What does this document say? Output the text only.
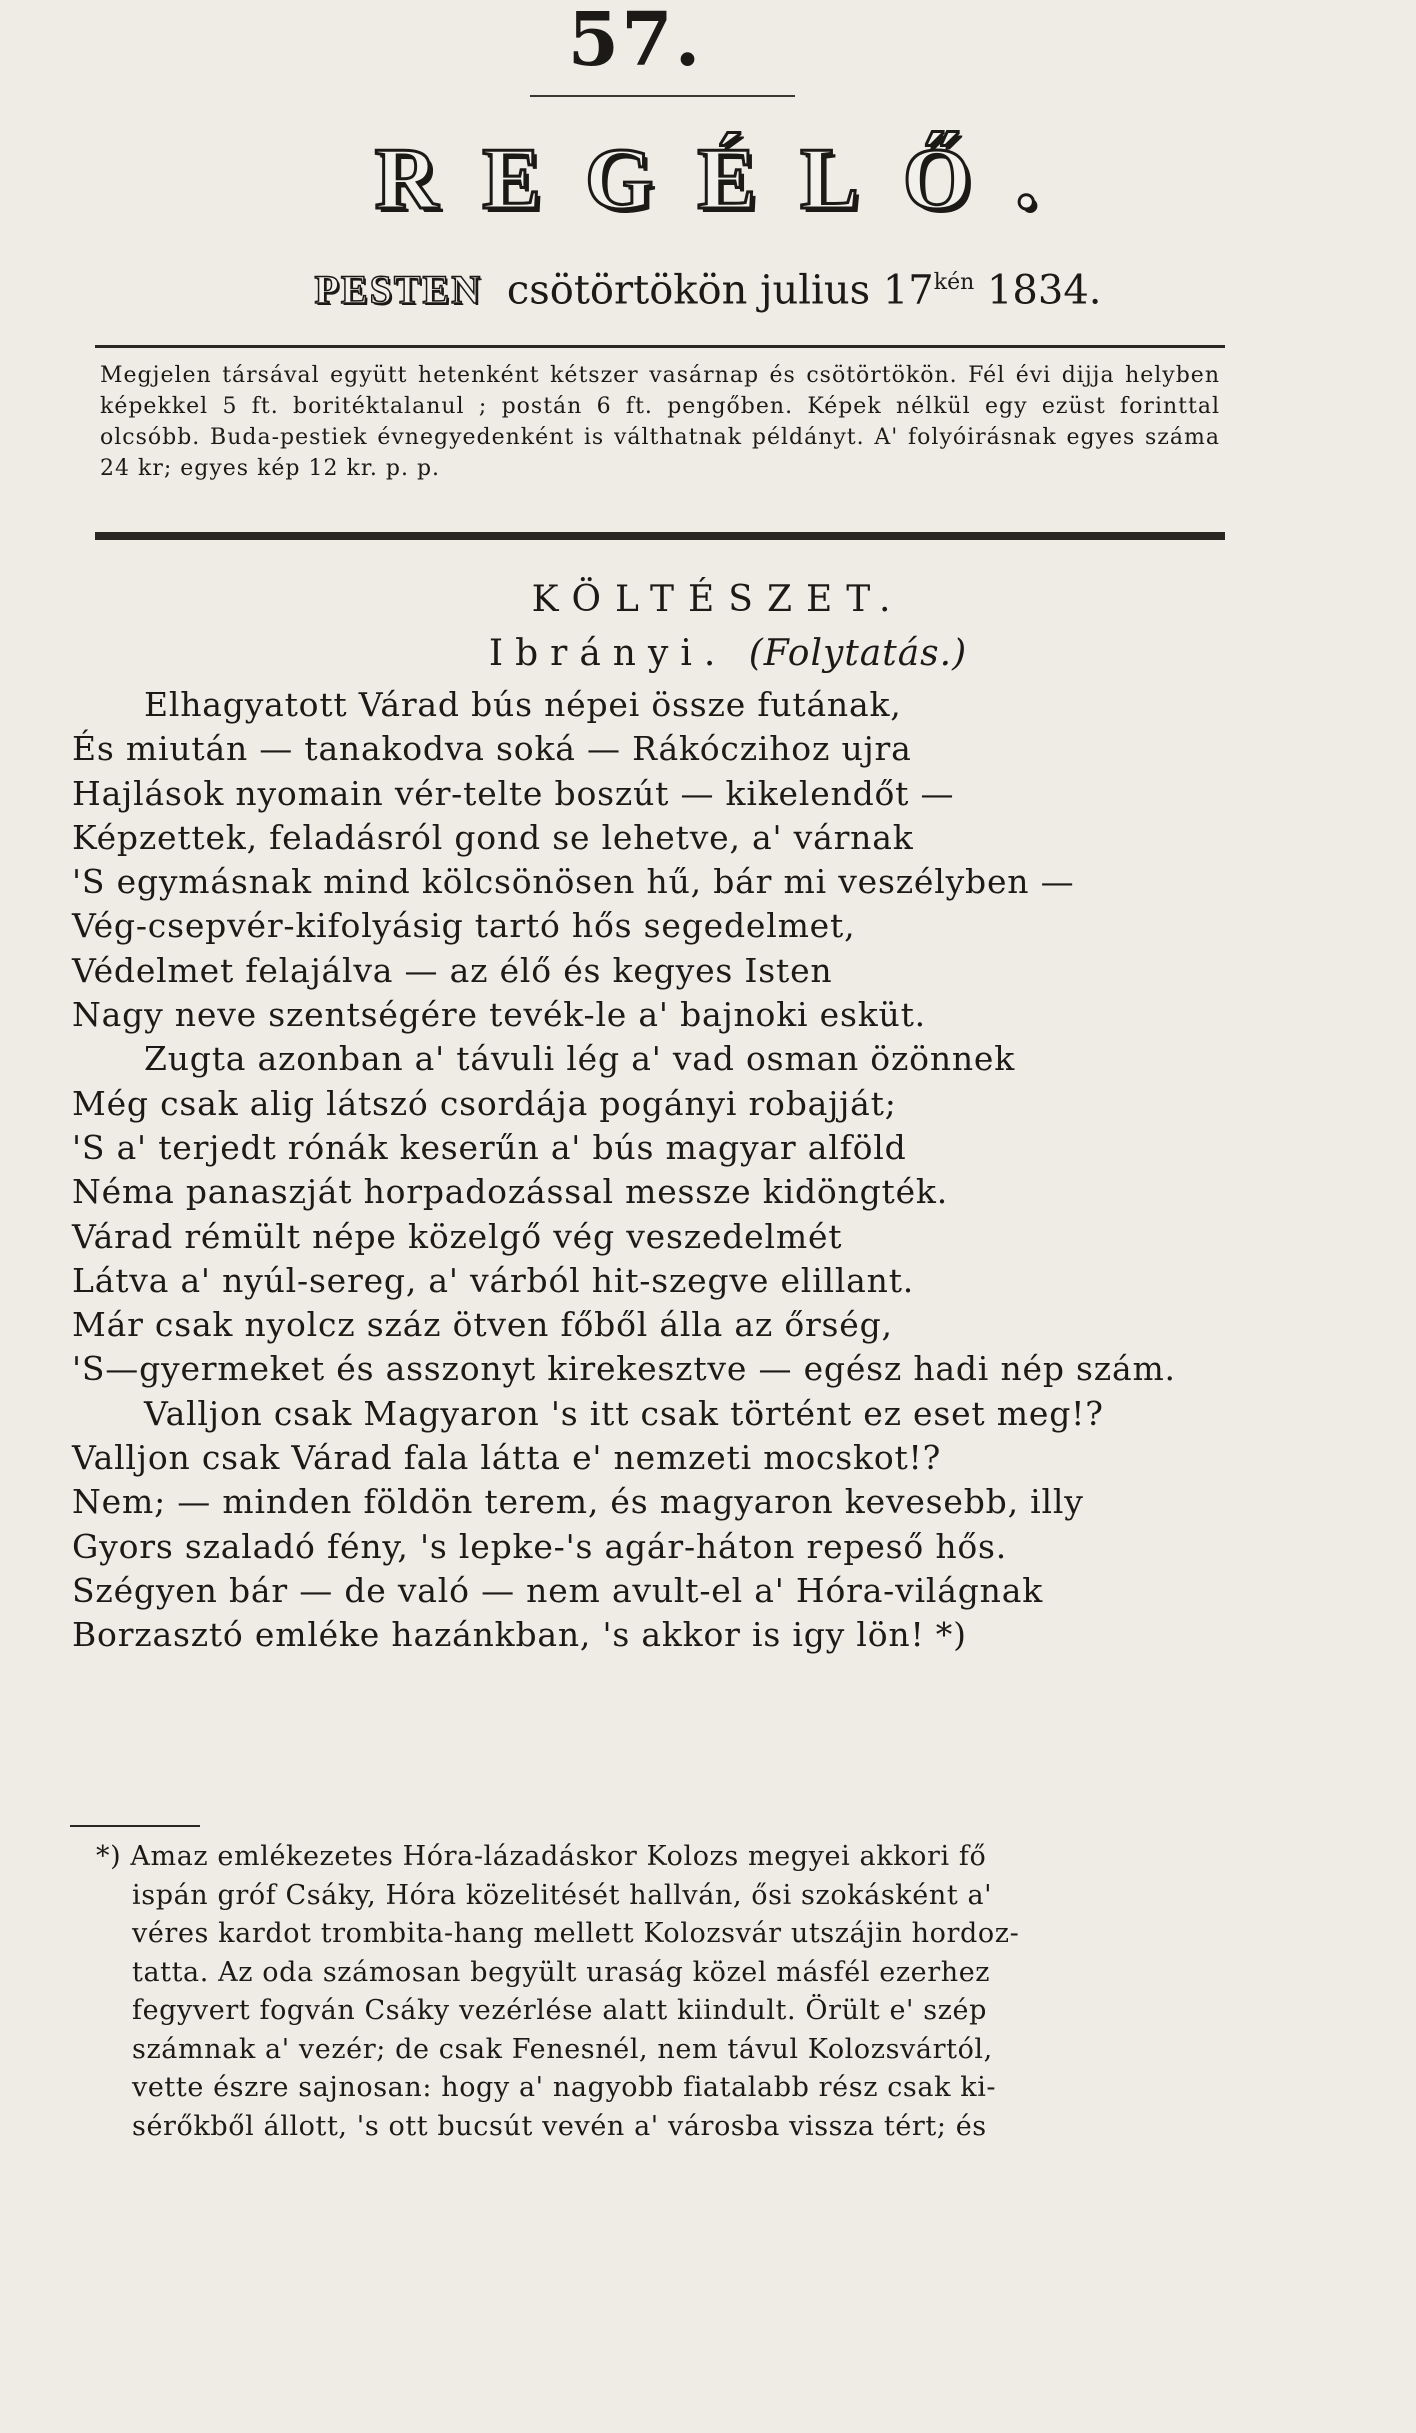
57.
REGÉLŐ.
PESTEN csötörtökön julius $17^{kén}$ 1834.
Megjelen társával együtt hetenként kétszer vasárnap és csötörtökön. Fél évi dijja helyben képekkel 5 ft. boritéktalanul ; postán 6 ft. pengőben. Képek nélkül egy ezüst forinttal olcsóbb. Buda-pestiek évnegyedenként is válthatnak példányt. A' folyóirásnak egyes száma 24 kr; egyes kép 12 kr. p. p.
KÖLTÉSZET.
Ibrányi. (Folytatás.)
Elhagyatott Várad bús népei össze futának,
És miután — tanakodva soká — Rákóczihoz ujra
Hajlások nyomain vér-telte boszút — kikelendőt —
Képzettek, feladásról gond se lehetve, a' várnak
'S egymásnak mind kölcsönösen hű, bár mi veszélyben —
Vég-csepvér-kifolyásig tartó hős segedelmet,
Védelmet felajálva — az élő és kegyes Isten
Nagy neve szentségére tevék-le a' bajnoki esküt.
Zugta azonban a' távuli lég a' vad osman özönnek
Még csak alig látszó csordája pogányi robajját;
'S a' terjedt rónák keserűn a' bús magyar alföld
Néma panaszját horpadozással messze kidöngték.
Várad rémült népe közelgő vég veszedelmét
Látva a' nyúl-sereg, a' várból hit-szegve elillant.
Már csak nyolcz száz ötven főből álla az őrség,
'S—gyermeket és asszonyt kirekesztve — egész hadi nép szám.
Valljon csak Magyaron 's itt csak történt ez eset meg!?
Valljon csak Várad fala látta e' nemzeti mocskot!?
Nem; — minden földön terem, és magyaron kevesebb, illy
Gyors szaladó fény, 's lepke-'s agár-háton repeső hős.
Szégyen bár — de való — nem avult-el a' Hóra-világnak
Borzasztó emléke hazánkban, 's akkor is igy lön! *)
*) Amaz emlékezetes Hóra-lázadáskor Kolozs megyei akkori fő
ispán gróf Csáky, Hóra közelitését hallván, ősi szokásként a'
véres kardot trombita-hang mellett Kolozsvár utszájin hordoz-
tatta. Az oda számosan begyült uraság közel másfél ezerhez
fegyvert fogván Csáky vezérlése alatt kiindult. Örült e' szép
számnak a' vezér; de csak Fenesnél, nem távul Kolozsvártól,
vette észre sajnosan: hogy a' nagyobb fiatalabb rész csak ki-
sérőkből állott, 's ott bucsút vevén a' városba vissza tért; és
